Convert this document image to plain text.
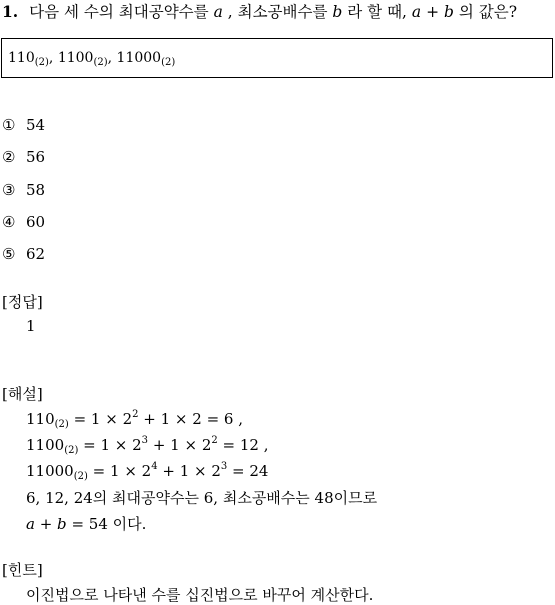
1. 다음 세 수의 최대공약수를 a , 최소공배수를 b 라 할 때, a + b 의 값은?
$110_{(2)}$, $1100_{(2)}$, $11000_{(2)}$
① 54
② 56
③ 58
④ 60
⑤ 62
[정답]
1
[해설]
$110_{(2)} = 1 \times 2^2 + 1 \times 2 = 6$ ,
$1100_{(2)} = 1 \times 2^3 + 1 \times 2^2 = 12$ ,
$11000_{(2)} = 1 \times 2^4 + 1 \times 2^3 = 24$
6, 12, 24의 최대공약수는 6, 최소공배수는 48이므로
a + b = 54 이다.
[힌트]
이진법으로 나타낸 수를 십진법으로 바꾸어 계산한다.
